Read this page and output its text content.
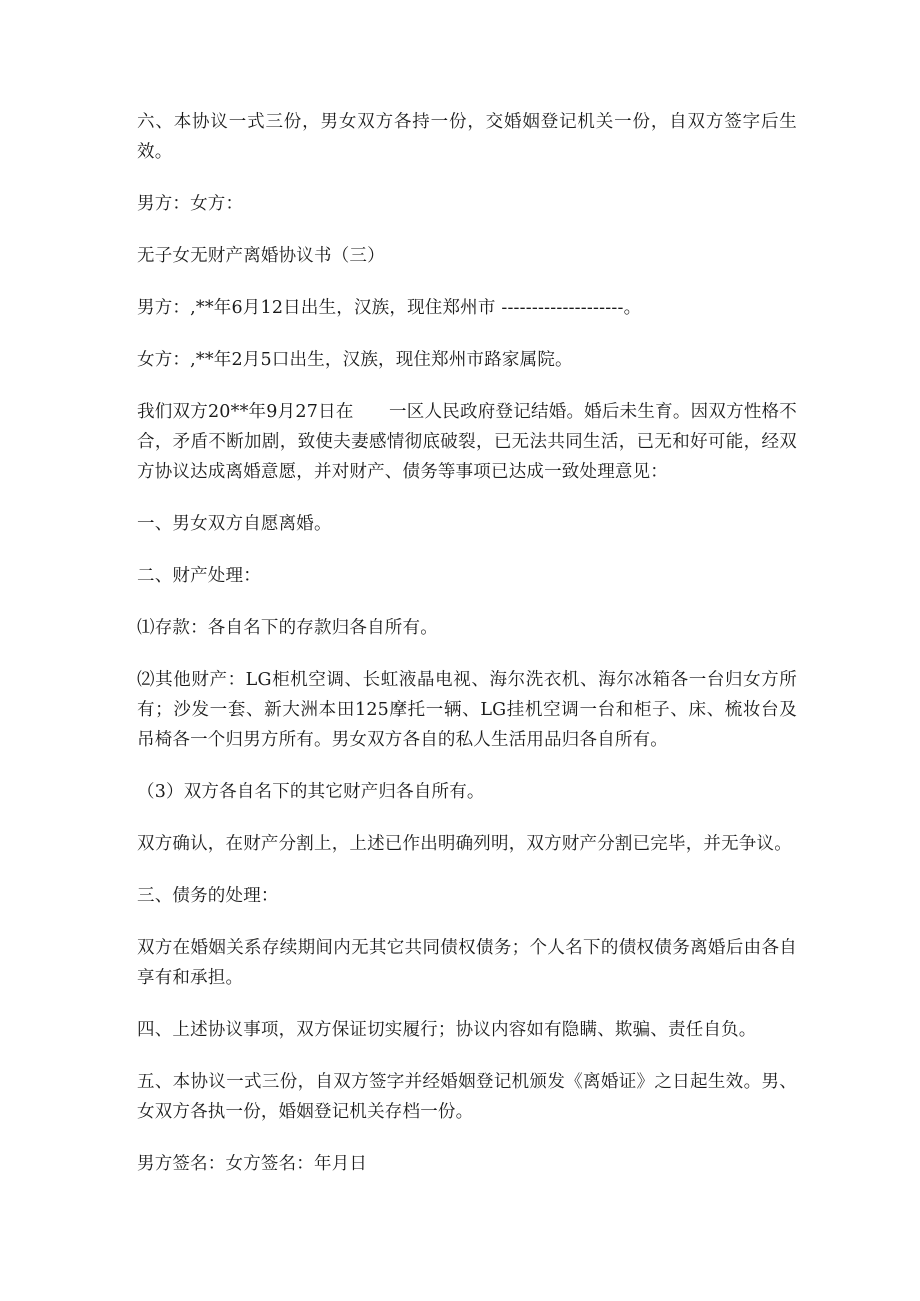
六、本协议一式三份，男女双方各持一份，交婚姻登记机关一份，自双方签字后生效。

男方：女方：

无子女无财产离婚协议书（三）

男方：,**年6月12日出生，汉族，现住郑州市 --------------------。

女方：,**年2月5口出生，汉族，现住郑州市路家属院。

我们双方20**年9月27日在　　一区人民政府登记结婚。婚后未生育。因双方性格不合，矛盾不断加剧，致使夫妻感情彻底破裂，已无法共同生活，已无和好可能，经双方协议达成离婚意愿，并对财产、债务等事项已达成一致处理意见：

一、男女双方自愿离婚。

二、财产处理：

⑴存款：各自名下的存款归各自所有。

⑵其他财产：LG柜机空调、长虹液晶电视、海尔洗衣机、海尔冰箱各一台归女方所有；沙发一套、新大洲本田125摩托一辆、LG挂机空调一台和柜子、床、梳妆台及吊椅各一个归男方所有。男女双方各自的私人生活用品归各自所有。

（3）双方各自名下的其它财产归各自所有。

双方确认，在财产分割上，上述已作出明确列明，双方财产分割已完毕，并无争议。

三、债务的处理：

双方在婚姻关系存续期间内无其它共同债权债务；个人名下的债权债务离婚后由各自享有和承担。

四、上述协议事项，双方保证切实履行；协议内容如有隐瞒、欺骗、责任自负。

五、本协议一式三份，自双方签字并经婚姻登记机颁发《离婚证》之日起生效。男、女双方各执一份，婚姻登记机关存档一份。

男方签名：女方签名：年月日
